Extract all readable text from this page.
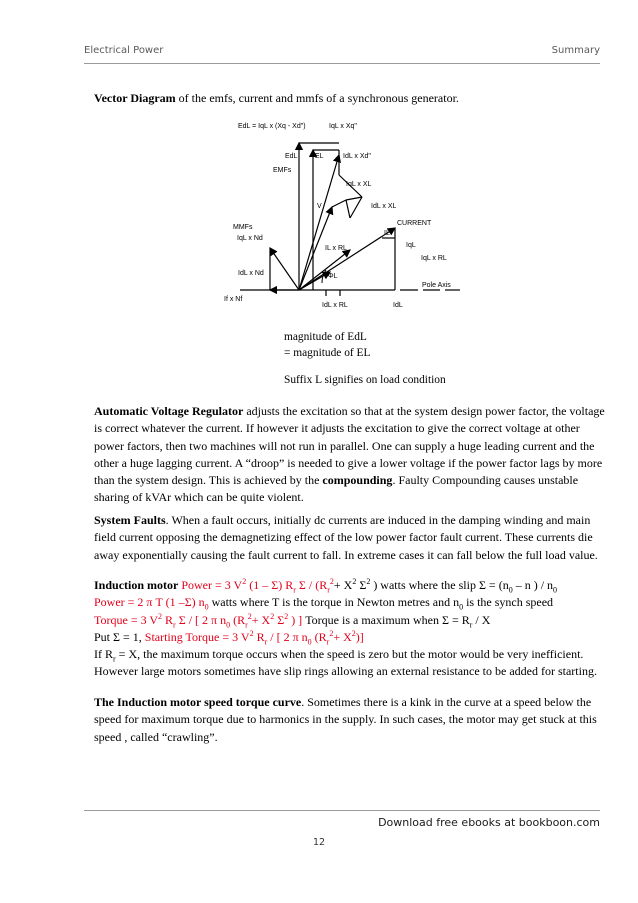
Electrical Power	Summary

Vector Diagram of the emfs, current and mmfs of a synchronous generator.

EdL = IqL x (Xq - Xd")	IqL x Xq"
EdL	EL	IdL x Xd"
EMFs
IqL x XL
V	IdL x XL
CURRENT
IL
IqL
MMFs
IqL x Nd
IL x RL
IqL x RL
ΦL
IdL x Nd
If x Nf
Pole Axis
IdL x RL	IdL
magnitude of EdL
= magnitude of EL
Suffix L signifies on load condition

Automatic Voltage Regulator adjusts the excitation so that at the system design power factor, the voltage is correct whatever the current. If however it adjusts the excitation to give the correct voltage at other power factors, then two machines will not run in parallel. One can supply a huge leading current and the other a huge lagging current. A “droop” is needed to give a lower voltage if the power factor lags by more than the system design. This is achieved by the compounding. Faulty Compounding causes unstable sharing of kVAr which can be quite violent.

System Faults. When a fault occurs, initially dc currents are induced in the damping winding and main field current opposing the demagnetizing effect of the low power factor fault current. These currents die away exponentially causing the fault current to fall. In extreme cases it can fall below the full load value.

Induction motor Power = 3 $V^2$ (1 – Σ) $R_r$ $\Sigma / (R_r^2+ X^2$ $\Sigma^2$ ) watts where the slip $\Sigma = (n_0 - n$ ) / $n_0$

Power = 2 π T (1 –Σ) $n_0$ watts where T is the torque in Newton metres and $n_0$ is the synch speed

Torque = 3 $V^2$ $R_r$ Σ / [ 2 π $n_0$ ($R_r^2+ X^2$ $\Sigma^2$ ) ] Torque is a maximum when $\Sigma = R_r / X$

Put Σ = 1, Starting Torque = 3 $V^2$ $R_r$ / [ 2 π $n_0$ $(R_r^2+ X^2)$]

If $R_r = X$, the maximum torque occurs when the speed is zero but the motor would be very inefficient.

However large motors sometimes have slip rings allowing an external resistance to be added for starting.

The Induction motor speed torque curve. Sometimes there is a kink in the curve at a speed below the speed for maximum torque due to harmonics in the supply. In such cases, the motor may get stuck at this speed , called “crawling”.

Download free ebooks at bookboon.com
12
